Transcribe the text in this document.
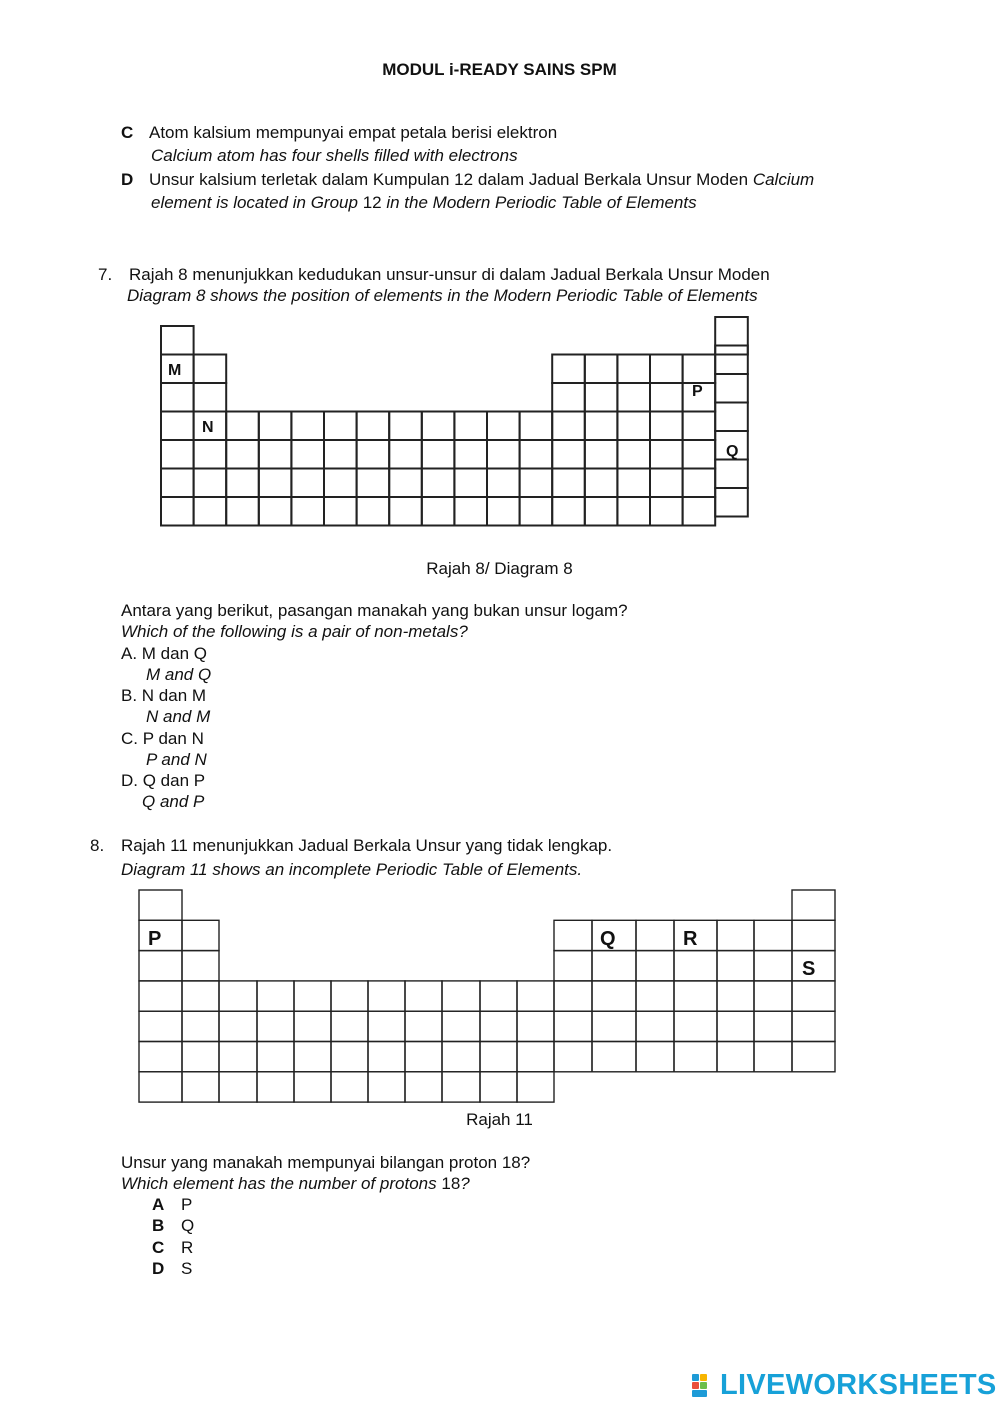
MODUL i-READY SAINS SPM
C Atom kalsium mempunyai empat petala berisi elektron
Calcium atom has four shells filled with electrons
D Unsur kalsium terletak dalam Kumpulan 12 dalam Jadual Berkala Unsur Moden Calcium
element is located in Group 12 in the Modern Periodic Table of Elements
7. Rajah 8 menunjukkan kedudukan unsur-unsur di dalam Jadual Berkala Unsur Moden
Diagram 8 shows the position of elements in the Modern Periodic Table of Elements
M
N
P
Q
Rajah 8/ Diagram 8
Antara yang berikut, pasangan manakah yang bukan unsur logam?
Which of the following is a pair of non-metals?
A. M dan Q
M and Q
B. N dan M
N and M
C. P dan N
P and N
D. Q dan P
Q and P
8. Rajah 11 menunjukkan Jadual Berkala Unsur yang tidak lengkap.
Diagram 11 shows an incomplete Periodic Table of Elements.
P	Q	R
S
Rajah 11
Unsur yang manakah mempunyai bilangan proton 18?
Which element has the number of protons 18?
A P
B Q
C R
D S
LIVEWORKSHEETS
